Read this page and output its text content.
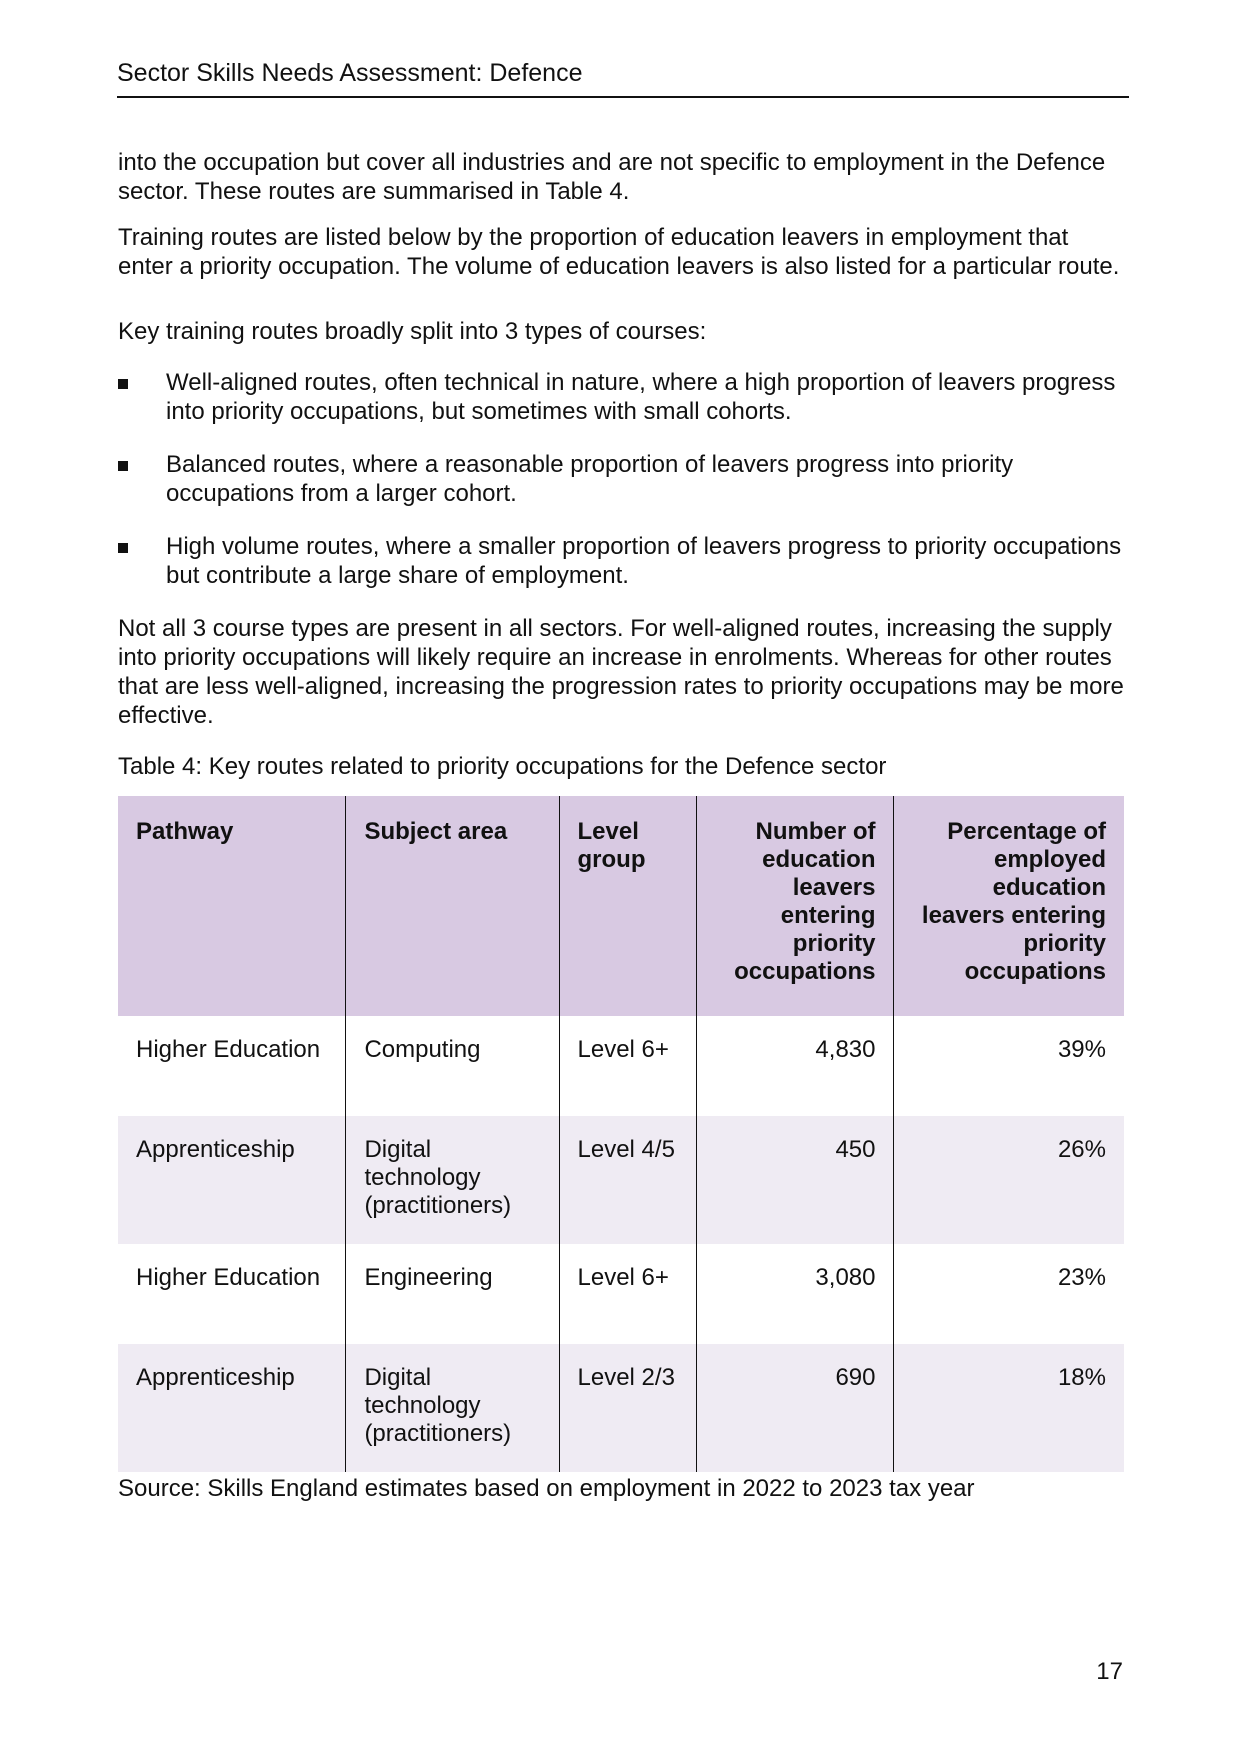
Sector Skills Needs Assessment: Defence

into the occupation but cover all industries and are not specific to employment in the Defence sector. These routes are summarised in Table 4.

Training routes are listed below by the proportion of education leavers in employment that enter a priority occupation. The volume of education leavers is also listed for a particular route.

Key training routes broadly split into 3 types of courses:

Well-aligned routes, often technical in nature, where a high proportion of leavers progress into priority occupations, but sometimes with small cohorts.
Balanced routes, where a reasonable proportion of leavers progress into priority occupations from a larger cohort.
High volume routes, where a smaller proportion of leavers progress to priority occupations but contribute a large share of employment.

Not all 3 course types are present in all sectors. For well-aligned routes, increasing the supply into priority occupations will likely require an increase in enrolments. Whereas for other routes that are less well-aligned, increasing the progression rates to priority occupations may be more effective.

Table 4: Key routes related to priority occupations for the Defence sector

Pathway	Subject area	Level group	Number of education leavers entering priority occupations	Percentage of employed education leavers entering priority occupations
Higher Education	Computing	Level 6+	4,830	39%
Apprenticeship	Digital technology (practitioners)	Level 4/5	450	26%
Higher Education	Engineering	Level 6+	3,080	23%
Apprenticeship	Digital technology (practitioners)	Level 2/3	690	18%

Source: Skills England estimates based on employment in 2022 to 2023 tax year

17
